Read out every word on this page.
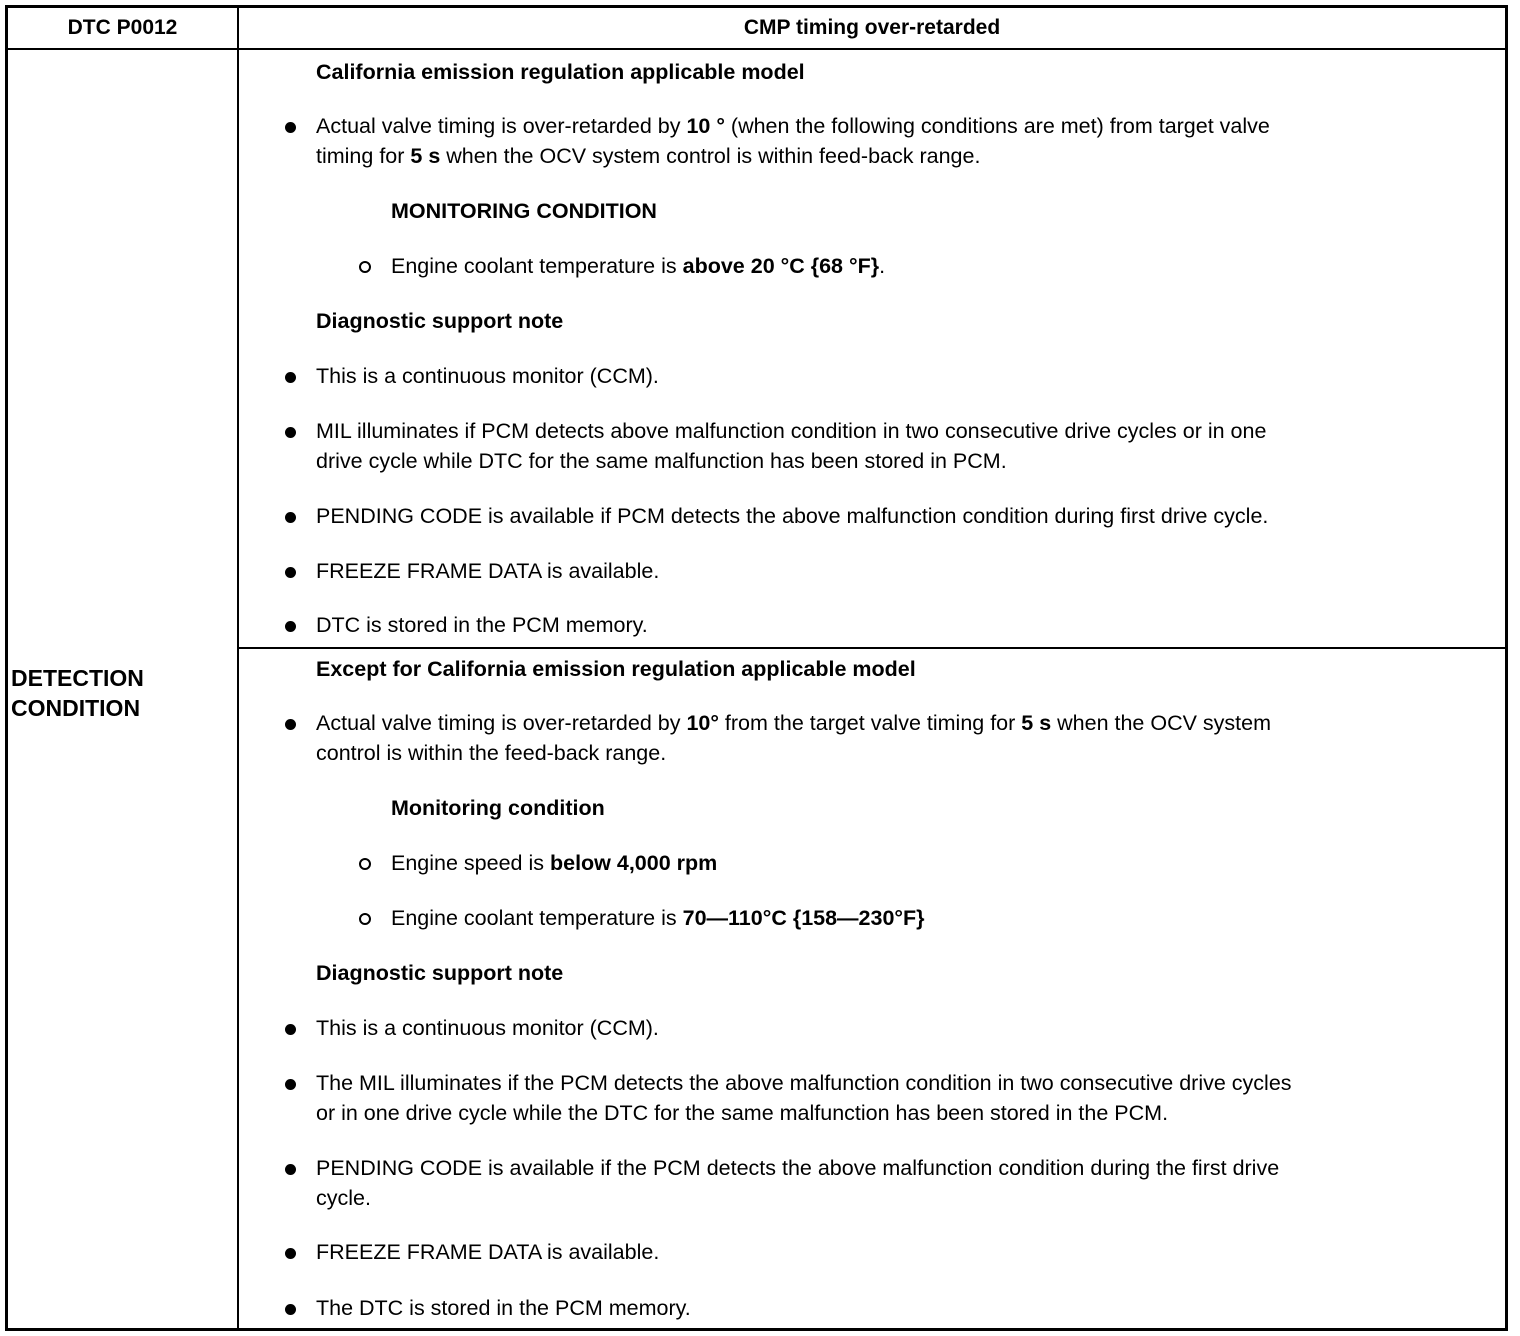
DTC P0012	CMP timing over-retarded
DETECTION
CONDITION
California emission regulation applicable model
Actual valve timing is over-retarded by 10 ° (when the following conditions are met) from target valve
timing for 5 s when the OCV system control is within feed-back range.
MONITORING CONDITION
Engine coolant temperature is above 20 °C {68 °F}.
Diagnostic support note
This is a continuous monitor (CCM).
MIL illuminates if PCM detects above malfunction condition in two consecutive drive cycles or in one
drive cycle while DTC for the same malfunction has been stored in PCM.
PENDING CODE is available if PCM detects the above malfunction condition during first drive cycle.
FREEZE FRAME DATA is available.
DTC is stored in the PCM memory.
Except for California emission regulation applicable model
Actual valve timing is over-retarded by 10° from the target valve timing for 5 s when the OCV system
control is within the feed-back range.
Monitoring condition
Engine speed is below 4,000 rpm
Engine coolant temperature is 70—110°C {158—230°F}
Diagnostic support note
This is a continuous monitor (CCM).
The MIL illuminates if the PCM detects the above malfunction condition in two consecutive drive cycles
or in one drive cycle while the DTC for the same malfunction has been stored in the PCM.
PENDING CODE is available if the PCM detects the above malfunction condition during the first drive
cycle.
FREEZE FRAME DATA is available.
The DTC is stored in the PCM memory.
